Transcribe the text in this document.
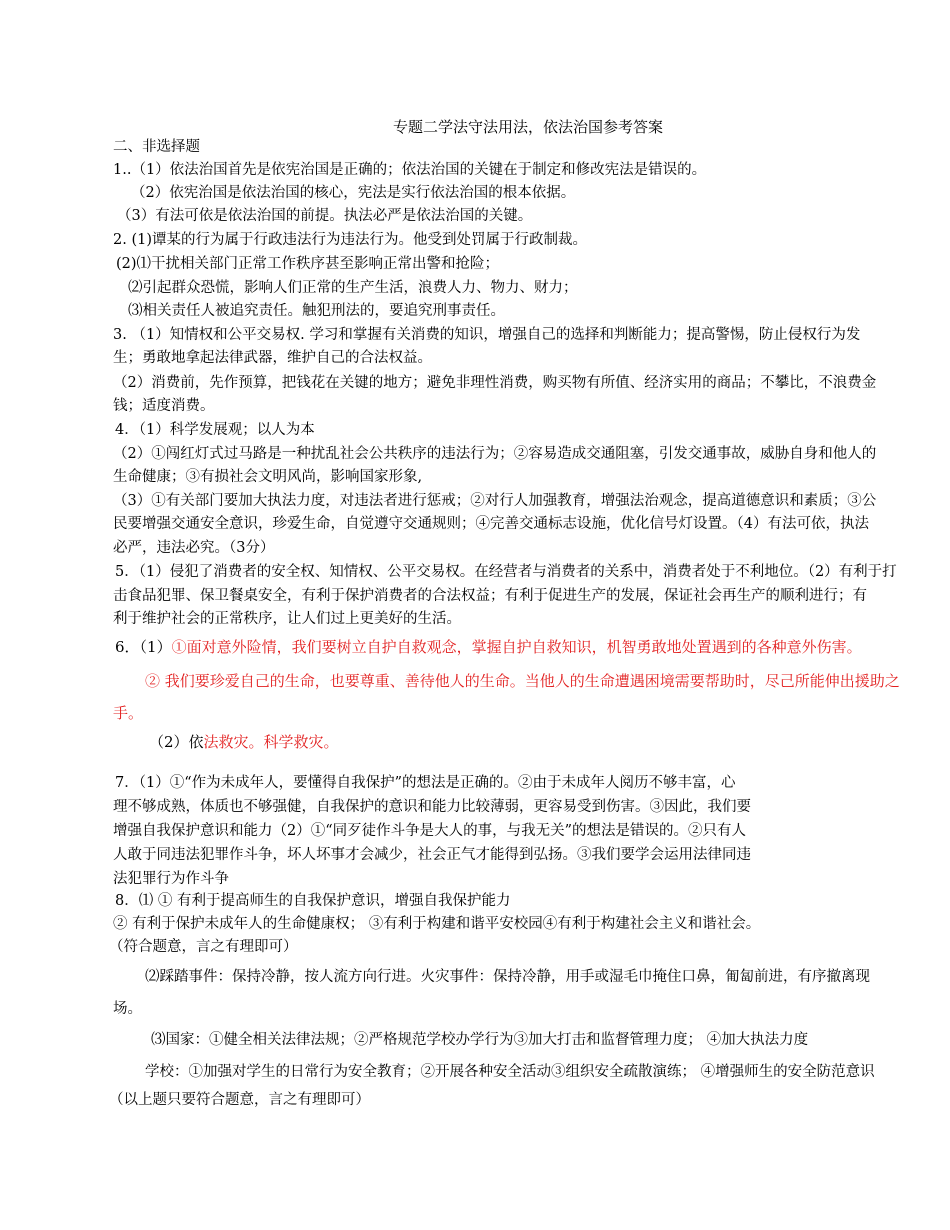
专题二学法守法用法，依法治国参考答案
二、非选择题
1..（1）依法治国首先是依宪治国是正确的；依法治国的关键在于制定和修改宪法是错误的。
（2）依宪治国是依法治国的核心，宪法是实行依法治国的根本依据。
（3）有法可依是依法治国的前提。执法必严是依法治国的关键。
2. (1)谭某的行为属于行政违法行为违法行为。他受到处罚属于行政制裁。
(2)⑴干扰相关部门正常工作秩序甚至影响正常出警和抢险；
⑵引起群众恐慌，影响人们正常的生产生活，浪费人力、物力、财力；
⑶相关责任人被追究责任。触犯刑法的，要追究刑事责任。
3. （1）知情权和公平交易权. 学习和掌握有关消费的知识，增强自己的选择和判断能力；提高警惕，防止侵权行为发
生；勇敢地拿起法律武器，维护自己的合法权益。
（2）消费前，先作预算，把钱花在关键的地方；避免非理性消费，购买物有所值、经济实用的商品；不攀比，不浪费金
钱；适度消费。
4．（1）科学发展观；以人为本
（2）①闯红灯式过马路是一种扰乱社会公共秩序的违法行为；②容易造成交通阻塞，引发交通事故，威胁自身和他人的
生命健康；③有损社会文明风尚，影响国家形象,
（3）①有关部门要加大执法力度，对违法者进行惩戒；②对行人加强教育，增强法治观念，提高道德意识和素质；③公
民要增强交通安全意识，珍爱生命，自觉遵守交通规则；④完善交通标志设施，优化信号灯设置。（4）有法可依，执法
必严，违法必究。（3分）
5．（1）侵犯了消费者的安全权、知情权、公平交易权。在经营者与消费者的关系中，消费者处于不利地位。（2）有利于打
击食品犯罪、保卫餐桌安全，有利于保护消费者的合法权益；有利于促进生产的发展，保证社会再生产的顺利进行；有
利于维护社会的正常秩序，让人们过上更美好的生活。
6．（1）①面对意外险情，我们要树立自护自救观念，掌握自护自救知识，机智勇敢地处置遇到的各种意外伤害。
② 我们要珍爱自己的生命，也要尊重、善待他人的生命。当他人的生命遭遇困境需要帮助时，尽己所能伸出援助之
手。
（2）依法救灾。科学救灾。
7．（1）①“作为未成年人，要懂得自我保护”的想法是正确的。②由于未成年人阅历不够丰富，心
理不够成熟，体质也不够强健，自我保护的意识和能力比较薄弱，更容易受到伤害。③因此，我们要
增强自我保护意识和能力（2）①“同歹徒作斗争是大人的事，与我无关”的想法是错误的。②只有人
人敢于同违法犯罪作斗争，坏人坏事才会减少，社会正气才能得到弘扬。③我们要学会运用法律同违
法犯罪行为作斗争
8．⑴ ① 有利于提高师生的自我保护意识，增强自我保护能力
② 有利于保护未成年人的生命健康权； ③有利于构建和谐平安校园④有利于构建社会主义和谐社会。
（符合题意，言之有理即可）
⑵踩踏事件：保持冷静，按人流方向行进。火灾事件：保持冷静，用手或湿毛巾掩住口鼻，匍匐前进，有序撤离现
场。
⑶国家：①健全相关法律法规；②严格规范学校办学行为③加大打击和监督管理力度； ④加大执法力度
学校：①加强对学生的日常行为安全教育；②开展各种安全活动③组织安全疏散演练； ④增强师生的安全防范意识
（以上题只要符合题意，言之有理即可）
